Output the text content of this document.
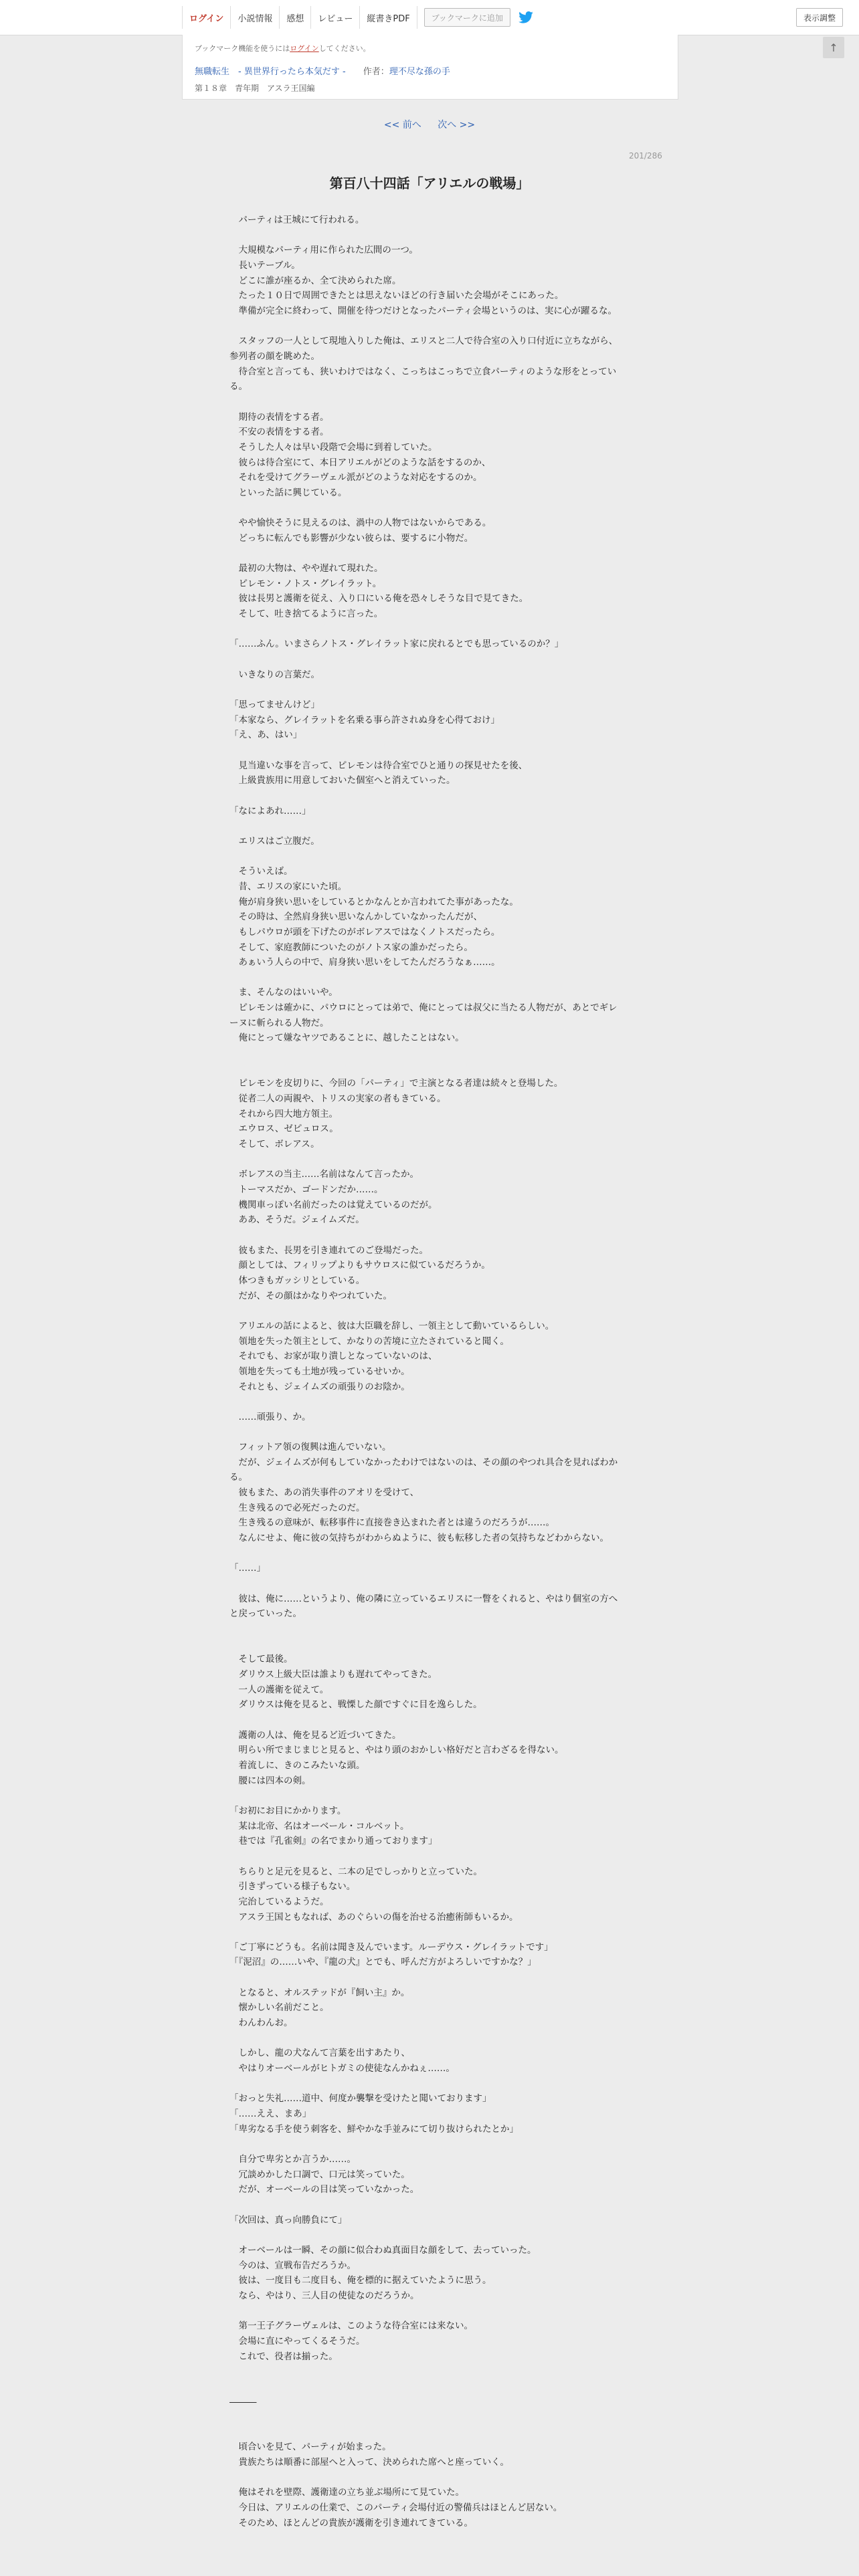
ログイン	小説情報	感想	レビュー	縦書きPDF	ブックマークに追加	表示調整
↑
ブックマーク機能を使うにはログインしてください。
無職転生　- 異世界行ったら本気だす - 作者：理不尽な孫の手
第１８章　青年期　アスラ王国編
<< 前へ 次へ >>
201/286
第百八十四話「アリエルの戦場」
　パーティは王城にて行われる。
　大規模なパーティ用に作られた広間の一つ。
　長いテーブル。
　どこに誰が座るか、全て決められた席。
　たった１０日で周囲できたとは思えないほどの行き届いた会場がそこにあった。
　準備が完全に終わって、開催を待つだけとなったパーティ会場というのは、実に心が躍るな。
　スタッフの一人として現地入りした俺は、エリスと二人で待合室の入り口付近に立ちながら、参列者の顔を眺めた。
　待合室と言っても、狭いわけではなく、こっちはこっちで立食パーティのような形をとっている。
　期待の表情をする者。
　不安の表情をする者。
　そうした人々は早い段階で会場に到着していた。
　彼らは待合室にて、本日アリエルがどのような話をするのか、
　それを受けてグラーヴェル派がどのような対応をするのか。
　といった話に興じている。
　やや愉快そうに見えるのは、渦中の人物ではないからである。
　どっちに転んでも影響が少ない彼らは、要するに小物だ。
　最初の大物は、やや遅れて現れた。
　ピレモン・ノトス・グレイラット。
　彼は長男と護衛を従え、入り口にいる俺を恐々しそうな目で見てきた。
　そして、吐き捨てるように言った。
「……ふん。いまさらノトス・グレイラット家に戻れるとでも思っているのか？」
　いきなりの言葉だ。
「思ってませんけど」
「本家なら、グレイラットを名乗る事ら許されぬ身を心得ておけ」
「え、あ、はい」
　見当違いな事を言って、ピレモンは待合室でひと通りの探見せたを後、
　上級貴族用に用意しておいた個室へと消えていった。
「なによあれ……」
　エリスはご立腹だ。
　そういえば。
　昔、エリスの家にいた頃。
　俺が肩身狭い思いをしているとかなんとか言われてた事があったな。
　その時は、全然肩身狭い思いなんかしていなかったんだが、
　もしパウロが頭を下げたのがボレアスではなくノトスだったら。
　そして、家庭教師についたのがノトス家の誰かだったら。
　あぁいう人らの中で、肩身狭い思いをしてたんだろうなぁ……。
　ま、そんなのはいいや。
　ピレモンは確かに、パウロにとっては弟で、俺にとっては叔父に当たる人物だが、あとでギレーヌに斬られる人物だ。
　俺にとって嫌なヤツであることに、越したことはない。
　ピレモンを皮切りに、今回の「パーティ」で主演となる者達は続々と登場した。
　従者二人の両親や、トリスの実家の者もきている。
　それから四大地方領主。
　エウロス、ゼピュロス。
　そして、ボレアス。
　ボレアスの当主……名前はなんて言ったか。
　トーマスだか、ゴードンだか……。
　機関車っぽい名前だったのは覚えているのだが。
　ああ、そうだ。ジェイムズだ。
　彼もまた、長男を引き連れてのご登場だった。
　顔としては、フィリップよりもサウロスに似ているだろうか。
　体つきもガッシリとしている。
　だが、その顔はかなりやつれていた。
　アリエルの話によると、彼は大臣職を辞し、一領主として動いているらしい。
　領地を失った領主として、かなりの苦境に立たされていると聞く。
　それでも、お家が取り潰しとなっていないのは、
　領地を失っても土地が残っているせいか。
　それとも、ジェイムズの頑張りのお陰か。
　……頑張り、か。
　フィットア領の復興は進んでいない。
　だが、ジェイムズが何もしていなかったわけではないのは、その顔のやつれ具合を見ればわかる。
　彼もまた、あの消失事件のアオリを受けて、
　生き残るので必死だったのだ。
　生き残るの意味が、転移事件に直接巻き込まれた者とは違うのだろうが……。
　なんにせよ、俺に彼の気持ちがわからぬように、彼も転移した者の気持ちなどわからない。
「……」
　彼は、俺に……というより、俺の隣に立っているエリスに一瞥をくれると、やはり個室の方へと戻っていった。
　そして最後。
　ダリウス上級大臣は誰よりも遅れてやってきた。
　一人の護衛を従えて。
　ダリウスは俺を見ると、戦慄した顔ですぐに目を逸らした。
　護衛の人は、俺を見るど近づいてきた。
　明らい所でまじまじと見ると、やはり頭のおかしい格好だと言わざるを得ない。
　着流しに、きのこみたいな頭。
　腰には四本の剣。
「お初にお目にかかります。
　某は北帝、名はオーベール・コルベット。
　巷では『孔雀剣』の名でまかり通っております」
　ちらりと足元を見ると、二本の足でしっかりと立っていた。
　引きずっている様子もない。
　完治しているようだ。
　アスラ王国ともなれば、あのぐらいの傷を治せる治癒術師もいるか。
「ご丁寧にどうも。名前は聞き及んでいます。ルーデウス・グレイラットです」
「『泥沼』の……いや、『龍の犬』とでも、呼んだ方がよろしいですかな？」
　となると、オルステッドが『飼い主』か。
　懐かしい名前だこと。
　わんわんお。
　しかし、龍の犬なんて言葉を出すあたり、
　やはりオーベールがヒトガミの使徒なんかねぇ……。
「おっと失礼……道中、何度か襲撃を受けたと聞いております」
「……ええ、まあ」
「卑劣なる手を使う刺客を、鮮やかな手並みにて切り抜けられたとか」
　自分で卑劣とか言うか……。
　冗談めかした口調で、口元は笑っていた。
　だが、オーベールの目は笑っていなかった。
「次回は、真っ向勝負にて」
　オーベールは一瞬、その顔に似合わぬ真面目な顔をして、去っていった。
　今のは、宣戦布告だろうか。
　彼は、一度目も二度目も、俺を標的に据えていたように思う。
　なら、やはり、三人目の使徒なのだろうか。
　第一王子グラーヴェルは、このような待合室には来ない。
　会場に直にやってくるそうだ。
　これで、役者は揃った。
―――
　頃合いを見て、パーティが始まった。
　貴族たちは順番に部屋へと入って、決められた席へと座っていく。
　俺はそれを壁際、護衛達の立ち並ぶ場所にて見ていた。
　今日は、アリエルの仕業で、このパーティ会場付近の警備兵はほとんど居ない。
　そのため、ほとんどの貴族が護衛を引き連れてきている。
